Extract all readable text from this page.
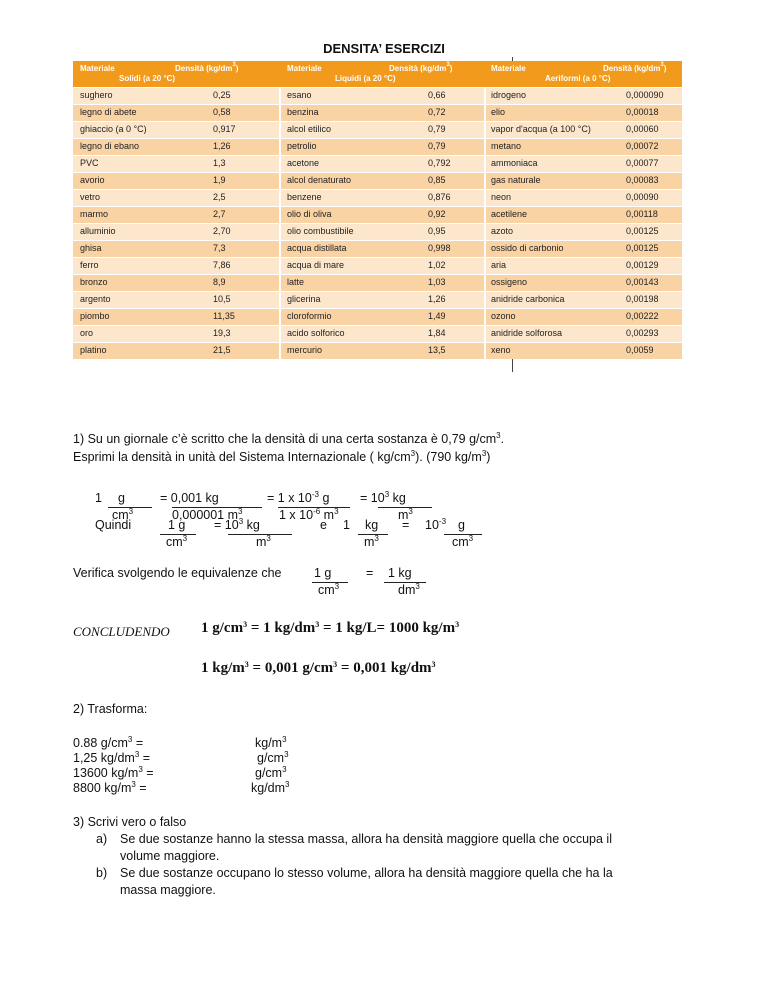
DENSITA’ ESERCIZI
Materiale	Densità $(kg/dm^3)$
Solidi (a 20 °C)
Materiale	Densità $(kg/dm^3)$
Liquidi (a 20 °C)
Materiale	Densità $(kg/dm^3)$
Aeriformi (a 0 °C)
sughero	0,25	esano	0,66	idrogeno	0,000090
legno di abete	0,58	benzina	0,72	elio	0,00018
ghiaccio (a 0 °C)	0,917	alcol etilico	0,79	vapor d'acqua (a 100 °C)	0,00060
legno di ebano	1,26	petrolio	0,79	metano	0,00072
PVC	1,3	acetone	0,792	ammoniaca	0,00077
avorio	1,9	alcol denaturato	0,85	gas naturale	0,00083
vetro	2,5	benzene	0,876	neon	0,00090
marmo	2,7	olio di oliva	0,92	acetilene	0,00118
alluminio	2,70	olio combustibile	0,95	azoto	0,00125
ghisa	7,3	acqua distillata	0,998	ossido di carbonio	0,00125
ferro	7,86	acqua di mare	1,02	aria	0,00129
bronzo	8,9	latte	1,03	ossigeno	0,00143
argento	10,5	glicerina	1,26	anidride carbonica	0,00198
piombo	11,35	cloroformio	1,49	ozono	0,00222
oro	19,3	acido solforico	1,84	anidride solforosa	0,00293
platino	21,5	mercurio	13,5	xeno	0,0059
1) Su un giornale c’è scritto che la densità di una certa sostanza è 0,79 $g/cm^3$.
Esprimi la densità in unità del Sistema Internazionale ( $kg/cm^3$). (790 $kg/m^3$)
1 g
$cm^3$
= 0,001 kg
0,000001 $m^3$
= 1 x $10^{-3}$ g
1 x $10^{-6}$ $m^3$
= $10^3$ kg
$m^3$
Quindi	1 g
$cm^3$
= $10^3$ kg
$m^3$
e 1 kg
$m^3$
= $10^{-3}$ g
$cm^3$
Verifica svolgendo le equivalenze che	1 g
$cm^3$
= 1 kg
$dm^3$
CONCLUDENDO 1 $g/cm^3 = 1$ $kg/dm^3 = 1$ kg/L= 1000 $kg/m^3$
1 $kg/m^3 = 0,001$ $g/cm^3 = 0,001$ $kg/dm^3$
2) Trasforma:
0.88 $g/cm^3$ =	$kg/m^3$
1,25 $kg/dm^3$ =	$g/cm^3$
13600 $kg/m^3$ =	$g/cm^3$
8800 $kg/m^3$ =	$kg/dm^3$
3) Scrivi vero o falso
a) Se due sostanze hanno la stessa massa, allora ha densità maggiore quella che occupa il
volume maggiore.
b) Se due sostanze occupano lo stesso volume, allora ha densità maggiore quella che ha la
massa maggiore.
